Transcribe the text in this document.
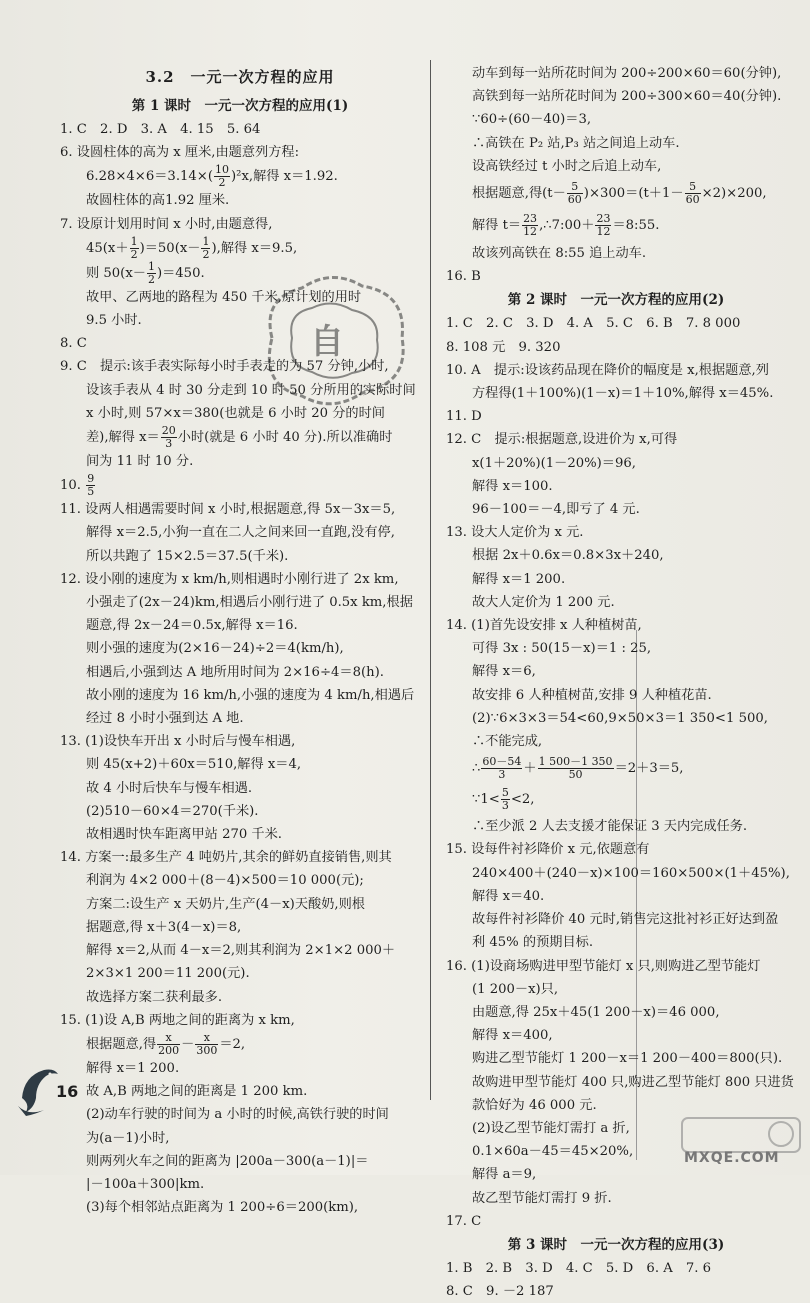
3.2　一元一次方程的应用
第 1 课时　一元一次方程的应用(1)
1. C　2. D　3. A　4. 15　5. 64
6. 设圆柱体的高为 x 厘米,由题意列方程:
$6.28\times 4\times 6=3.14\times( \frac{10}{2} )^2x$,解得 x＝1.92.
故圆柱体的高1.92 厘米.
7. 设原计划用时间 x 小时,由题意得,
$45(x+ \frac{1}{2} )=50(x- \frac{1}{2}$ ),解得 x＝9.5,
则 $50(x- \frac{1}{2} )=450$.
故甲、乙两地的路程为 450 千米,原计划的用时
9.5 小时.
8. C
9. C　提示:该手表实际每小时手表走的为 57 分钟,小时,
设该手表从 4 时 30 分走到 10 时 50 分所用的实际时间
x 小时,则 57×x＝380(也就是 6 小时 20 分的时间
差),解得 $x= \frac{20}{3}$ 小时(就是 6 小时 40 分).所以准确时
间为 11 时 10 分.
10. $\frac{9}{5}$
11. 设两人相遇需要时间 x 小时,根据题意,得 5x－3x＝5,
解得 x＝2.5,小狗一直在二人之间来回一直跑,没有停,
所以共跑了 15×2.5＝37.5(千米).
12. 设小刚的速度为 x km/h,则相遇时小刚行进了 2x km,
小强走了(2x－24)km,相遇后小刚行进了 0.5x km,根据
题意,得 2x－24＝0.5x,解得 x＝16.
则小强的速度为(2×16－24)÷2＝4(km/h),
相遇后,小强到达 A 地所用时间为 2×16÷4＝8(h).
故小刚的速度为 16 km/h,小强的速度为 4 km/h,相遇后
经过 8 小时小强到达 A 地.
13. (1)设快车开出 x 小时后与慢车相遇,
则 45(x+2)＋60x＝510,解得 x＝4,
故 4 小时后快车与慢车相遇.
(2)510－60×4＝270(千米).
故相遇时快车距离甲站 270 千米.
14. 方案一:最多生产 4 吨奶片,其余的鲜奶直接销售,则其
利润为 4×2 000＋(8－4)×500＝10 000(元);
方案二:设生产 x 天奶片,生产(4－x)天酸奶,则根
据题意,得 x＋3(4－x)＝8,
解得 x＝2,从而 4－x＝2,则其利润为 2×1×2 000＋
2×3×1 200＝11 200(元).
故选择方案二获利最多.
15. (1)设 A,B 两地之间的距离为 x km,
根据题意,得 $\frac{x}{200} - \frac{x}{300} =2$,
解得 x＝1 200.
故 A,B 两地之间的距离是 1 200 km.
(2)动车行驶的时间为 a 小时的时候,高铁行驶的时间
为(a－1)小时,
则两列火车之间的距离为 |200a－300(a－1)|＝
|－100a＋300|km.
(3)每个相邻站点距离为 1 200÷6＝200(km),
动车到每一站所花时间为 200÷200×60＝60(分钟),
高铁到每一站所花时间为 200÷300×60＝40(分钟).
∵60÷(60－40)＝3,
∴高铁在 P₂ 站,P₃ 站之间追上动车.
设高铁经过 t 小时之后追上动车,
根据题意,得$(t- \frac{5}{60} )\times 300=(t+1- \frac{5}{60} \times 2)\times 200$,
解得 $t= \frac{23}{12}$ ,∴7:00＋ $\frac{23}{12}$ ＝8:55.
故该列高铁在 8:55 追上动车.
16. B
第 2 课时　一元一次方程的应用(2)
1. C　2. C　3. D　4. A　5. C　6. B　7. 8 000
8. 108 元　9. 320
10. A　提示:设该药品现在降价的幅度是 x,根据题意,列
方程得(1＋100%)(1－x)＝1＋10%,解得 x＝45%.
11. D
12. C　提示:根据题意,设进价为 x,可得
x(1＋20%)(1－20%)＝96,
解得 x＝100.
96－100＝－4,即亏了 4 元.
13. 设大人定价为 x 元.
根据 2x＋0.6x＝0.8×3x＋240,
解得 x＝1 200.
故大人定价为 1 200 元.
14. (1)首先设安排 x 人种植树苗,
可得 3x : 50(15－x)＝1 : 25,
解得 x＝6,
故安排 6 人种植树苗,安排 9 人种植花苗.
(2)∵6×3×3＝54<60,9×50×3＝1 350<1 500,
∴不能完成,
∴ $\frac{60-54}{3} + \frac{1 500-1 350}{50} =2+3=5$,
∵1< $\frac{5}{3} <2$,
∴至少派 2 人去支援才能保证 3 天内完成任务.
15. 设每件衬衫降价 x 元,依题意有
240×400＋(240－x)×100＝160×500×(1＋45%),
解得 x＝40.
故每件衬衫降价 40 元时,销售完这批衬衫正好达到盈
利 45% 的预期目标.
16. (1)设商场购进甲型节能灯 x 只,则购进乙型节能灯
(1 200－x)只,
由题意,得 25x＋45(1 200－x)＝46 000,
解得 x＝400,
购进乙型节能灯 1 200－x＝1 200－400＝800(只).
故购进甲型节能灯 400 只,购进乙型节能灯 800 只进货
款恰好为 46 000 元.
(2)设乙型节能灯需打 a 折,
0.1×60a－45＝45×20%,
解得 a＝9,
故乙型节能灯需打 9 折.
17. C
第 3 课时　一元一次方程的应用(3)
1. B　2. B　3. D　4. C　5. D　6. A　7. 6
8. C　9. －2 187
自
16
MXQE.COM
